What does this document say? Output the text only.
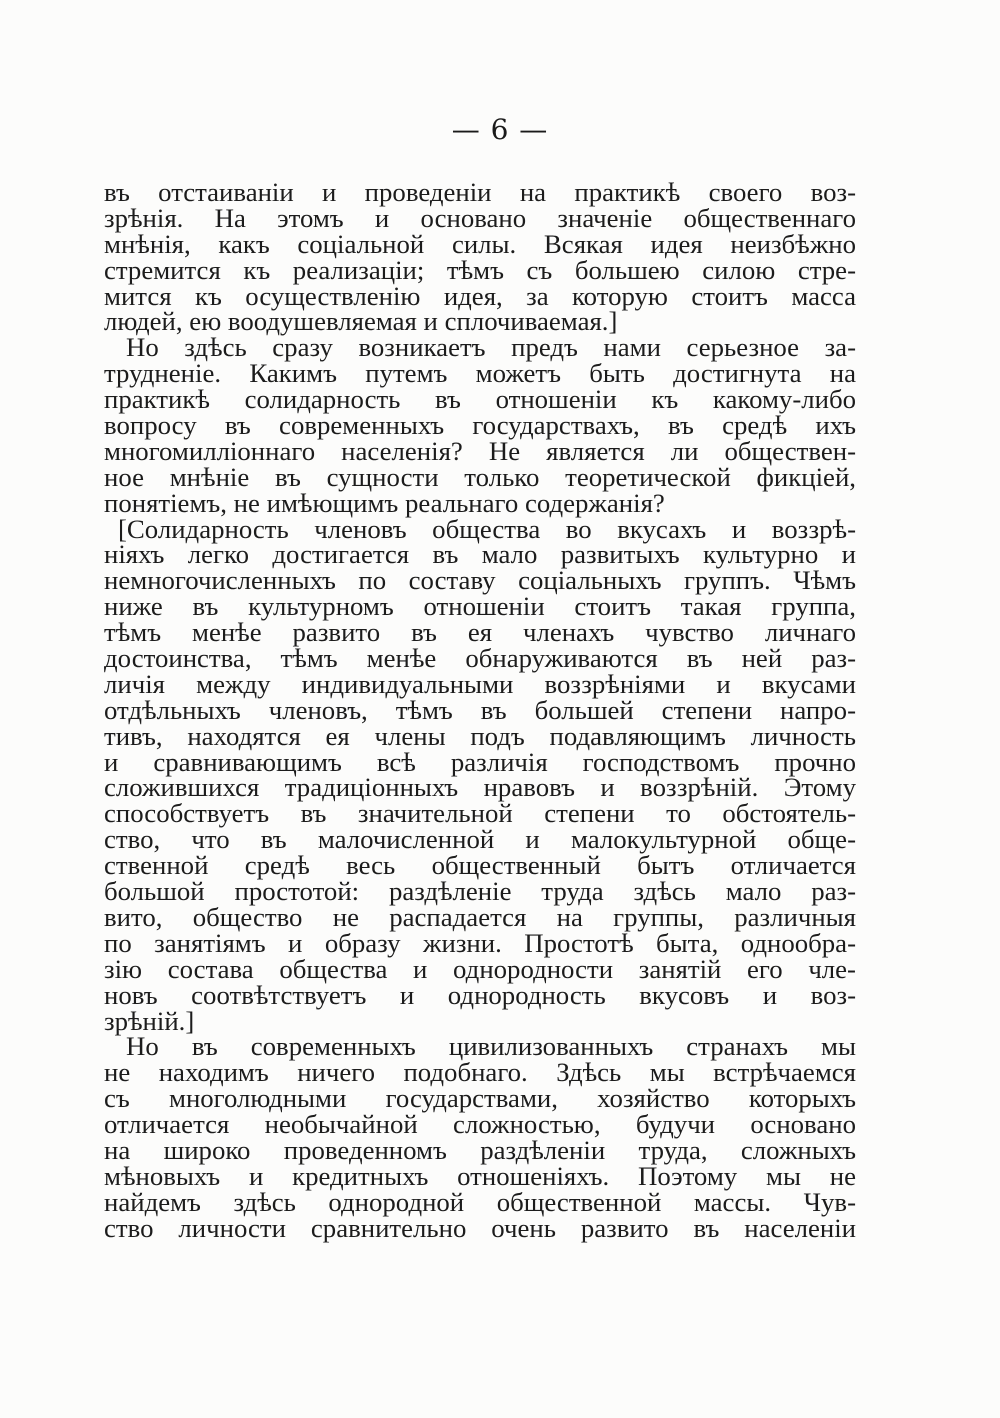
— 6 —
въ отстаиваніи и проведеніи на практикѣ своего воз-
зрѣнія. На этомъ и основано значеніе общественнаго
мнѣнія, какъ соціальной силы. Всякая идея неизбѣжно
стремится къ реализаціи; тѣмъ съ большею силою стре-
мится къ осуществленію идея, за которую стоитъ масса
людей, ею воодушевляемая и сплочиваемая.]
Но здѣсь сразу возникаетъ предъ нами серьезное за-
трудненіе. Какимъ путемъ можетъ быть достигнута на
практикѣ солидарность въ отношеніи къ какому-либо
вопросу въ современныхъ государствахъ, въ средѣ ихъ
многомилліоннаго населенія? Не является ли обществен-
ное мнѣніе въ сущности только теоретической фикціей,
понятіемъ, не имѣющимъ реальнаго содержанія?
[Солидарность членовъ общества во вкусахъ и воззрѣ-
ніяхъ легко достигается въ мало развитыхъ культурно и
немногочисленныхъ по составу соціальныхъ группъ. Чѣмъ
ниже въ культурномъ отношеніи стоитъ такая группа,
тѣмъ менѣе развито въ ея членахъ чувство личнаго
достоинства, тѣмъ менѣе обнаруживаются въ ней раз-
личія между индивидуальными воззрѣніями и вкусами
отдѣльныхъ членовъ, тѣмъ въ большей степени напро-
тивъ, находятся ея члены подъ подавляющимъ личность
и сравнивающимъ всѣ различія господствомъ прочно
сложившихся традиціонныхъ нравовъ и воззрѣній. Этому
способствуетъ въ значительной степени то обстоятель-
ство, что въ малочисленной и малокультурной обще-
ственной средѣ весь общественный бытъ отличается
большой простотой: раздѣленіе труда здѣсь мало раз-
вито, общество не распадается на группы, различныя
по занятіямъ и образу жизни. Простотѣ быта, однообра-
зію состава общества и однородности занятій его чле-
новъ соотвѣтствуетъ и однородность вкусовъ и воз-
зрѣній.]
Но въ современныхъ цивилизованныхъ странахъ мы
не находимъ ничего подобнаго. Здѣсь мы встрѣчаемся
съ многолюдными государствами, хозяйство которыхъ
отличается необычайной сложностью, будучи основано
на широко проведенномъ раздѣленіи труда, сложныхъ
мѣновыхъ и кредитныхъ отношеніяхъ. Поэтому мы не
найдемъ здѣсь однородной общественной массы. Чув-
ство личности сравнительно очень развито въ населеніи
